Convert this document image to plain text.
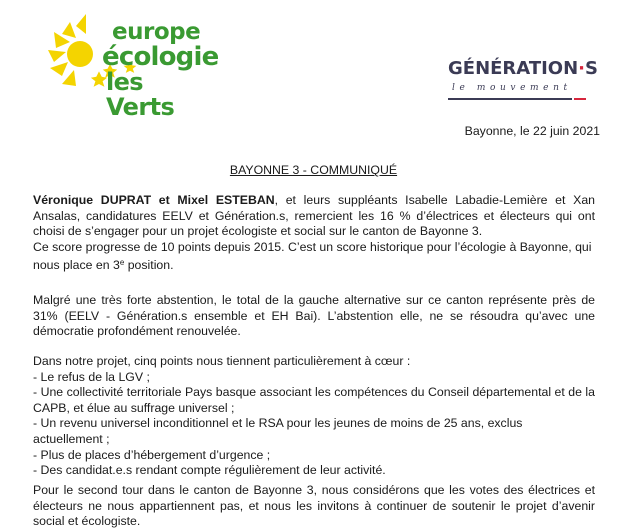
europe
écologie
les Verts
GÉNÉRATION·S
le mouvement
Bayonne, le 22 juin 2021
BAYONNE 3 - COMMUNIQUÉ

Véronique DUPRAT et Mixel ESTEBAN, et leurs suppléants Isabelle Labadie-Lemière et Xan Ansalas, candidatures EELV et Génération.s, remercient les 16 % d’électrices et électeurs qui ont choisi de s’engager pour un projet écologiste et social sur le canton de Bayonne 3.

Ce score progresse de 10 points depuis 2015. C’est un score historique pour l’écologie à Bayonne, qui nous place en 3e position.

Malgré une très forte abstention, le total de la gauche alternative sur ce canton représente près de 31% (EELV - Génération.s ensemble et EH Bai). L’abstention elle, ne se résoudra qu’avec une démocratie profondément renouvelée.

Dans notre projet, cinq points nous tiennent particulièrement à cœur :

- Le refus de la LGV ;
- Une collectivité territoriale Pays basque associant les compétences du Conseil départemental et de la CAPB, et élue au suffrage universel ;
- Un revenu universel inconditionnel et le RSA pour les jeunes de moins de 25 ans, exclus actuellement ;
- Plus de places d’hébergement d’urgence ;
- Des candidat.e.s rendant compte régulièrement de leur activité.

Pour le second tour dans le canton de Bayonne 3, nous considérons que les votes des électrices et électeurs ne nous appartiennent pas, et nous les invitons à continuer de soutenir le projet d’avenir social et écologiste.
